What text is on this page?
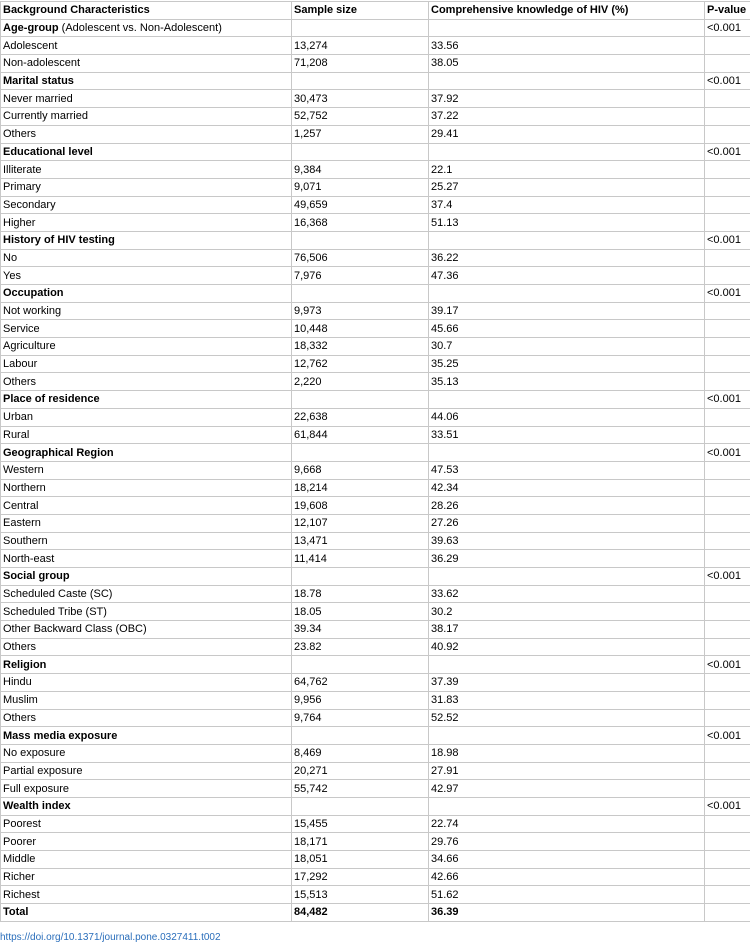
Background Characteristics	Sample size	Comprehensive knowledge of HIV (%)	P-value
Age-group (Adolescent vs. Non-Adolescent)			<0.001
Adolescent	13,274	33.56	
Non-adolescent	71,208	38.05	
Marital status			<0.001
Never married	30,473	37.92	
Currently married	52,752	37.22	
Others	1,257	29.41	
Educational level			<0.001
Illiterate	9,384	22.1	
Primary	9,071	25.27	
Secondary	49,659	37.4	
Higher	16,368	51.13	
History of HIV testing			<0.001
No	76,506	36.22	
Yes	7,976	47.36	
Occupation			<0.001
Not working	9,973	39.17	
Service	10,448	45.66	
Agriculture	18,332	30.7	
Labour	12,762	35.25	
Others	2,220	35.13	
Place of residence			<0.001
Urban	22,638	44.06	
Rural	61,844	33.51	
Geographical Region			<0.001
Western	9,668	47.53	
Northern	18,214	42.34	
Central	19,608	28.26	
Eastern	12,107	27.26	
Southern	13,471	39.63	
North-east	11,414	36.29	
Social group			<0.001
Scheduled Caste (SC)	18.78	33.62	
Scheduled Tribe (ST)	18.05	30.2	
Other Backward Class (OBC)	39.34	38.17	
Others	23.82	40.92	
Religion			<0.001
Hindu	64,762	37.39	
Muslim	9,956	31.83	
Others	9,764	52.52	
Mass media exposure			<0.001
No exposure	8,469	18.98	
Partial exposure	20,271	27.91	
Full exposure	55,742	42.97	
Wealth index			<0.001
Poorest	15,455	22.74	
Poorer	18,171	29.76	
Middle	18,051	34.66	
Richer	17,292	42.66	
Richest	15,513	51.62	
Total	84,482	36.39	
https://doi.org/10.1371/journal.pone.0327411.t002
